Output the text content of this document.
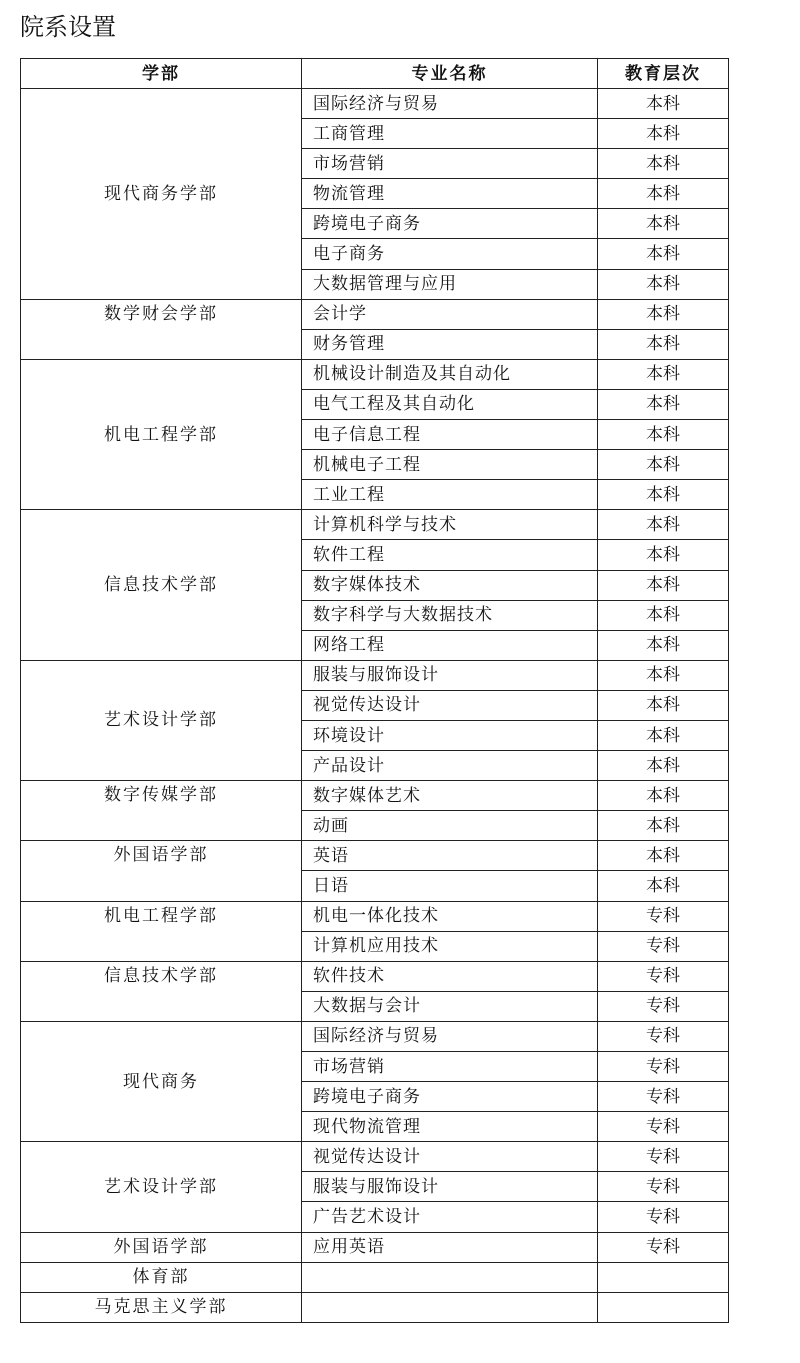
院系设置
学部	专业名称	教育层次
现代商务学部	国际经济与贸易	本科
	工商管理	本科
	市场营销	本科
	物流管理	本科
	跨境电子商务	本科
	电子商务	本科
	大数据管理与应用	本科
数学财会学部	会计学	本科
	财务管理	本科
机电工程学部	机械设计制造及其自动化	本科
	电气工程及其自动化	本科
	电子信息工程	本科
	机械电子工程	本科
	工业工程	本科
信息技术学部	计算机科学与技术	本科
	软件工程	本科
	数字媒体技术	本科
	数字科学与大数据技术	本科
	网络工程	本科
艺术设计学部	服装与服饰设计	本科
	视觉传达设计	本科
	环境设计	本科
	产品设计	本科
数字传媒学部	数字媒体艺术	本科
	动画	本科
外国语学部	英语	本科
	日语	本科
机电工程学部	机电一体化技术	专科
	计算机应用技术	专科
信息技术学部	软件技术	专科
	大数据与会计	专科
现代商务	国际经济与贸易	专科
	市场营销	专科
	跨境电子商务	专科
	现代物流管理	专科
艺术设计学部	视觉传达设计	专科
	服装与服饰设计	专科
	广告艺术设计	专科
外国语学部	应用英语	专科
体育部		
马克思主义学部		
